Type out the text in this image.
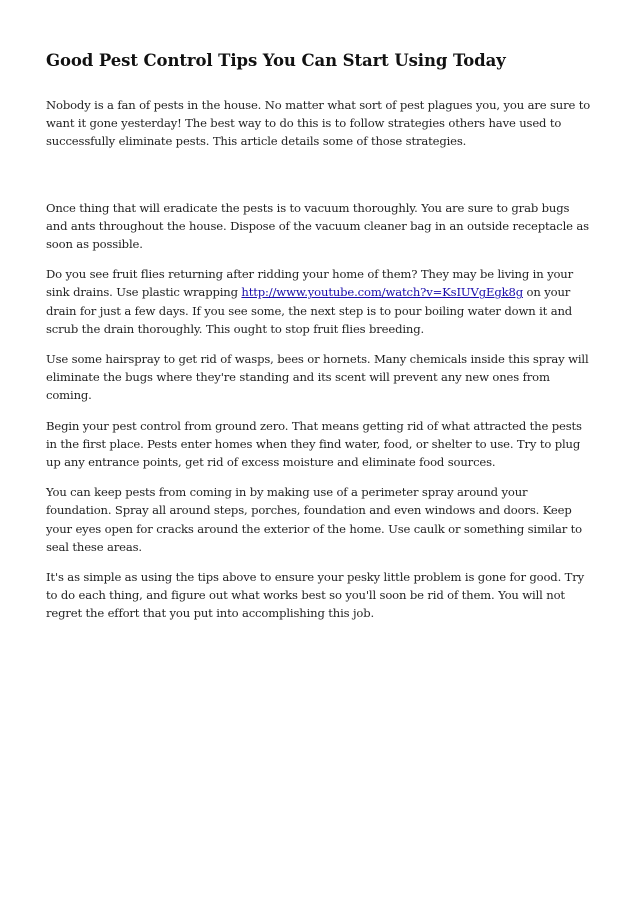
Good Pest Control Tips You Can Start Using Today

Nobody is a fan of pests in the house. No matter what sort of pest plagues you, you are sure to want it gone yesterday! The best way to do this is to follow strategies others have used to successfully eliminate pests. This article details some of those strategies.

Once thing that will eradicate the pests is to vacuum thoroughly. You are sure to grab bugs and ants throughout the house. Dispose of the vacuum cleaner bag in an outside receptacle as soon as possible.

Do you see fruit flies returning after ridding your home of them? They may be living in your sink drains. Use plastic wrapping http://www.youtube.com/watch?v=KsIUVgEgk8g on your drain for just a few days. If you see some, the next step is to pour boiling water down it and scrub the drain thoroughly. This ought to stop fruit flies breeding.

Use some hairspray to get rid of wasps, bees or hornets. Many chemicals inside this spray will eliminate the bugs where they're standing and its scent will prevent any new ones from coming.

Begin your pest control from ground zero. That means getting rid of what attracted the pests in the first place. Pests enter homes when they find water, food, or shelter to use. Try to plug up any entrance points, get rid of excess moisture and eliminate food sources.

You can keep pests from coming in by making use of a perimeter spray around your foundation. Spray all around steps, porches, foundation and even windows and doors. Keep your eyes open for cracks around the exterior of the home. Use caulk or something similar to seal these areas.

It's as simple as using the tips above to ensure your pesky little problem is gone for good. Try to do each thing, and figure out what works best so you'll soon be rid of them. You will not regret the effort that you put into accomplishing this job.
